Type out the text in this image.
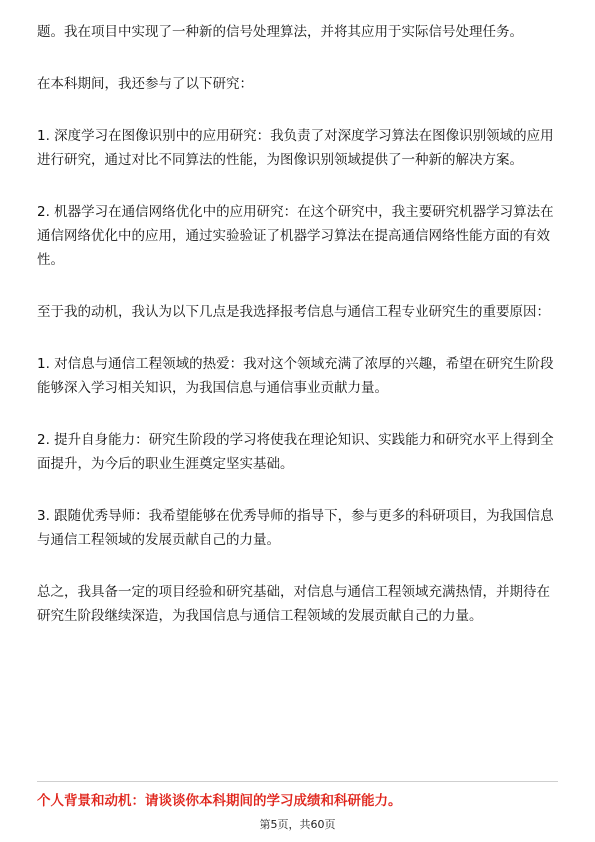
题。我在项目中实现了一种新的信号处理算法，并将其应用于实际信号处理任务。

在本科期间，我还参与了以下研究：

1. 深度学习在图像识别中的应用研究：我负责了对深度学习算法在图像识别领域的应用进行研究，通过对比不同算法的性能，为图像识别领域提供了一种新的解决方案。

2. 机器学习在通信网络优化中的应用研究：在这个研究中，我主要研究机器学习算法在通信网络优化中的应用，通过实验验证了机器学习算法在提高通信网络性能方面的有效性。

至于我的动机，我认为以下几点是我选择报考信息与通信工程专业研究生的重要原因：

1. 对信息与通信工程领域的热爱：我对这个领域充满了浓厚的兴趣，希望在研究生阶段能够深入学习相关知识，为我国信息与通信事业贡献力量。

2. 提升自身能力：研究生阶段的学习将使我在理论知识、实践能力和研究水平上得到全面提升，为今后的职业生涯奠定坚实基础。

3. 跟随优秀导师：我希望能够在优秀导师的指导下，参与更多的科研项目，为我国信息与通信工程领域的发展贡献自己的力量。

总之，我具备一定的项目经验和研究基础，对信息与通信工程领域充满热情，并期待在研究生阶段继续深造，为我国信息与通信工程领域的发展贡献自己的力量。

个人背景和动机：请谈谈你本科期间的学习成绩和科研能力。
第5页，共60页
